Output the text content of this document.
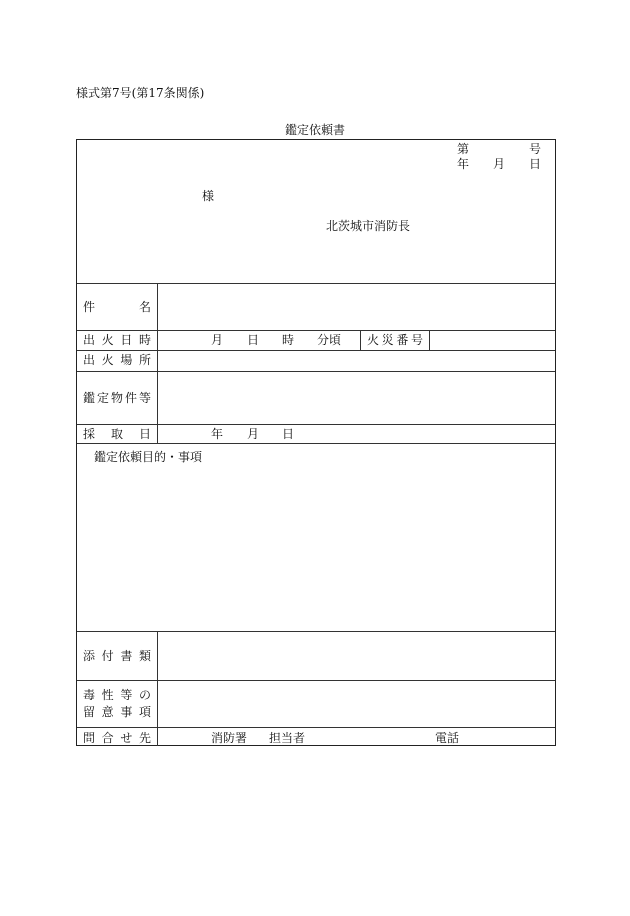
様式第7号(第17条関係)
鑑定依頼書
第	号
年 月 日
様
北茨城市消防長
件	名
出 火 日 時	月 日 時 分頃 火 災 番 号
出 火 場 所
鑑 定 物 件 等
採 取 日	年 月 日
鑑定依頼目的・事項
添 付 書 類
毒 性 等 の
留 意 事 項
問 合 せ 先	消防署 担当者	電話
